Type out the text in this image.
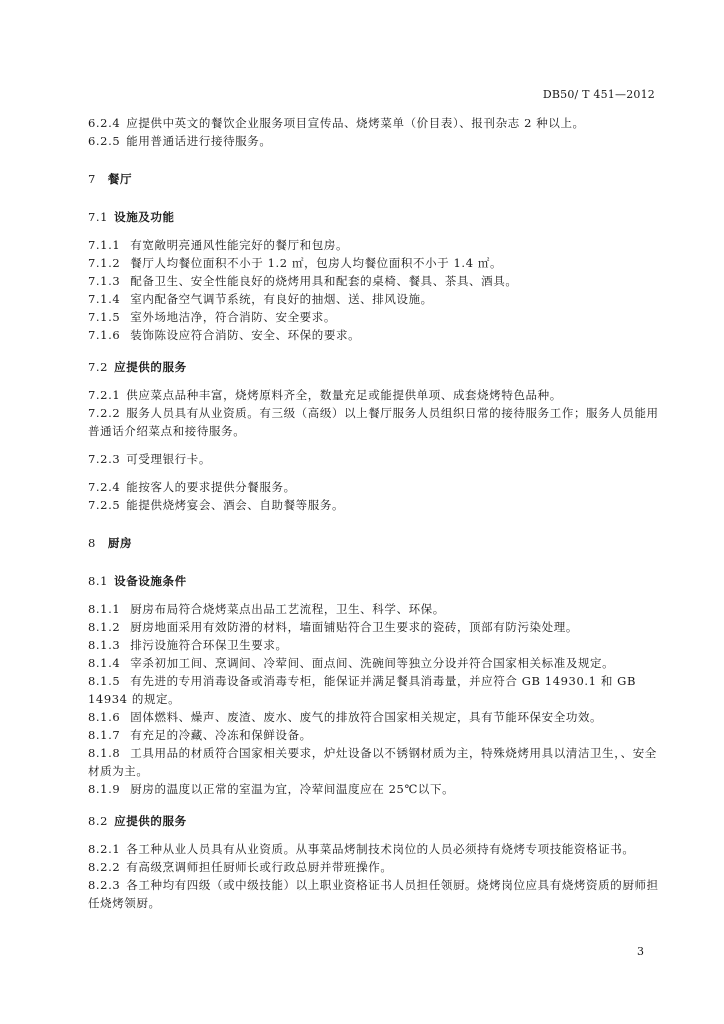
DB50/ T 451—2012
6.2.4 应提供中英文的餐饮企业服务项目宣传品、烧烤菜单（价目表）、报刊杂志 2 种以上。
6.2.5 能用普通话进行接待服务。
7 餐厅
7.1 设施及功能
7.1.1 有宽敞明亮通风性能完好的餐厅和包房。
7.1.2 餐厅人均餐位面积不小于 1.2 ㎡，包房人均餐位面积不小于 1.4 ㎡。
7.1.3 配备卫生、安全性能良好的烧烤用具和配套的桌椅、餐具、茶具、酒具。
7.1.4 室内配备空气调节系统，有良好的抽烟、送、排风设施。
7.1.5 室外场地洁净，符合消防、安全要求。
7.1.6 装饰陈设应符合消防、安全、环保的要求。
7.2 应提供的服务
7.2.1 供应菜点品种丰富，烧烤原料齐全，数量充足或能提供单项、成套烧烤特色品种。
7.2.2 服务人员具有从业资质。有三级（高级）以上餐厅服务人员组织日常的接待服务工作；服务人员能用普通话介绍菜点和接待服务。
7.2.3 可受理银行卡。
7.2.4 能按客人的要求提供分餐服务。
7.2.5 能提供烧烤宴会、酒会、自助餐等服务。
8 厨房
8.1 设备设施条件
8.1.1 厨房布局符合烧烤菜点出品工艺流程，卫生、科学、环保。
8.1.2 厨房地面采用有效防滑的材料，墙面铺贴符合卫生要求的瓷砖，顶部有防污染处理。
8.1.3 排污设施符合环保卫生要求。
8.1.4 宰杀初加工间、烹调间、冷荤间、面点间、洗碗间等独立分设并符合国家相关标准及规定。
8.1.5 有先进的专用消毒设备或消毒专柜，能保证并满足餐具消毒量，并应符合 GB 14930.1 和 GB 14934 的规定。
8.1.6 固体燃料、燥声、废渣、废水、废气的排放符合国家相关规定，具有节能环保安全功效。
8.1.7 有充足的冷藏、冷冻和保鲜设备。
8.1.8 工具用品的材质符合国家相关要求，炉灶设备以不锈钢材质为主，特殊烧烤用具以清洁卫生，、安全材质为主。
8.1.9 厨房的温度以正常的室温为宜，冷荤间温度应在 25℃以下。
8.2 应提供的服务
8.2.1 各工种从业人员具有从业资质。从事菜品烤制技术岗位的人员必须持有烧烤专项技能资格证书。
8.2.2 有高级烹调师担任厨师长或行政总厨并带班操作。
8.2.3 各工种均有四级（或中级技能）以上职业资格证书人员担任领厨。烧烤岗位应具有烧烤资质的厨师担任烧烤领厨。
3
